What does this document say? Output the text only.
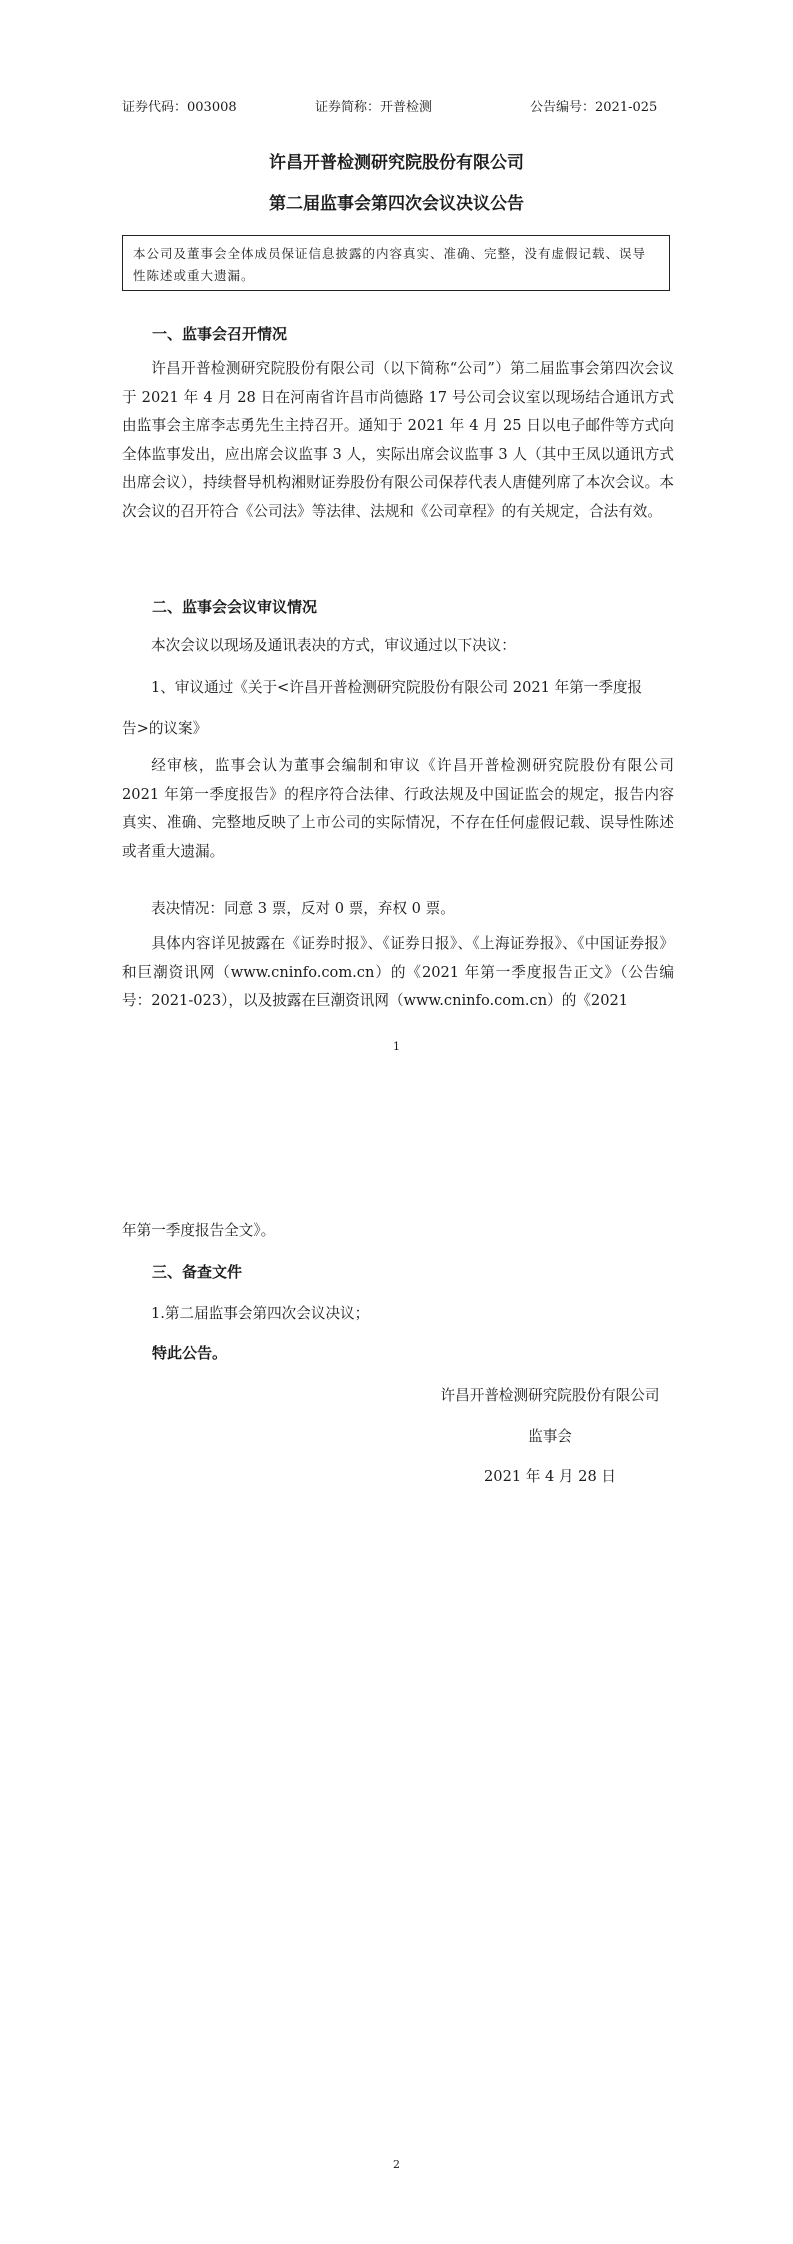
证券代码：003008	证券简称：开普检测	公告编号：2021-025
许昌开普检测研究院股份有限公司
第二届监事会第四次会议决议公告
本公司及董事会全体成员保证信息披露的内容真实、准确、完整，没有虚假记载、误导性陈述或重大遗漏。
一、监事会召开情况
许昌开普检测研究院股份有限公司（以下简称“公司”）第二届监事会第四次会议于 2021 年 4 月 28 日在河南省许昌市尚德路 17 号公司会议室以现场结合通讯方式由监事会主席李志勇先生主持召开。通知于 2021 年 4 月 25 日以电子邮件等方式向全体监事发出，应出席会议监事 3 人，实际出席会议监事 3 人（其中王凤以通讯方式出席会议），持续督导机构湘财证券股份有限公司保荐代表人唐健列席了本次会议。本次会议的召开符合《公司法》等法律、法规和《公司章程》的有关规定，合法有效。
二、监事会会议审议情况
本次会议以现场及通讯表决的方式，审议通过以下决议：
1、审议通过《关于<许昌开普检测研究院股份有限公司 2021 年第一季度报
告>的议案》
经审核，监事会认为董事会编制和审议《许昌开普检测研究院股份有限公司 2021 年第一季度报告》的程序符合法律、行政法规及中国证监会的规定，报告内容真实、准确、完整地反映了上市公司的实际情况，不存在任何虚假记载、误导性陈述或者重大遗漏。
表决情况：同意 3 票，反对 0 票，弃权 0 票。
具体内容详见披露在《证券时报》、《证券日报》、《上海证券报》、《中国证券报》和巨潮资讯网（www.cninfo.com.cn）的《2021 年第一季度报告正文》（公告编号：2021-023），以及披露在巨潮资讯网（www.cninfo.com.cn）的《2021
1
年第一季度报告全文》。
三、备查文件
1.第二届监事会第四次会议决议；
特此公告。
许昌开普检测研究院股份有限公司
监事会
2021 年 4 月 28 日
2
